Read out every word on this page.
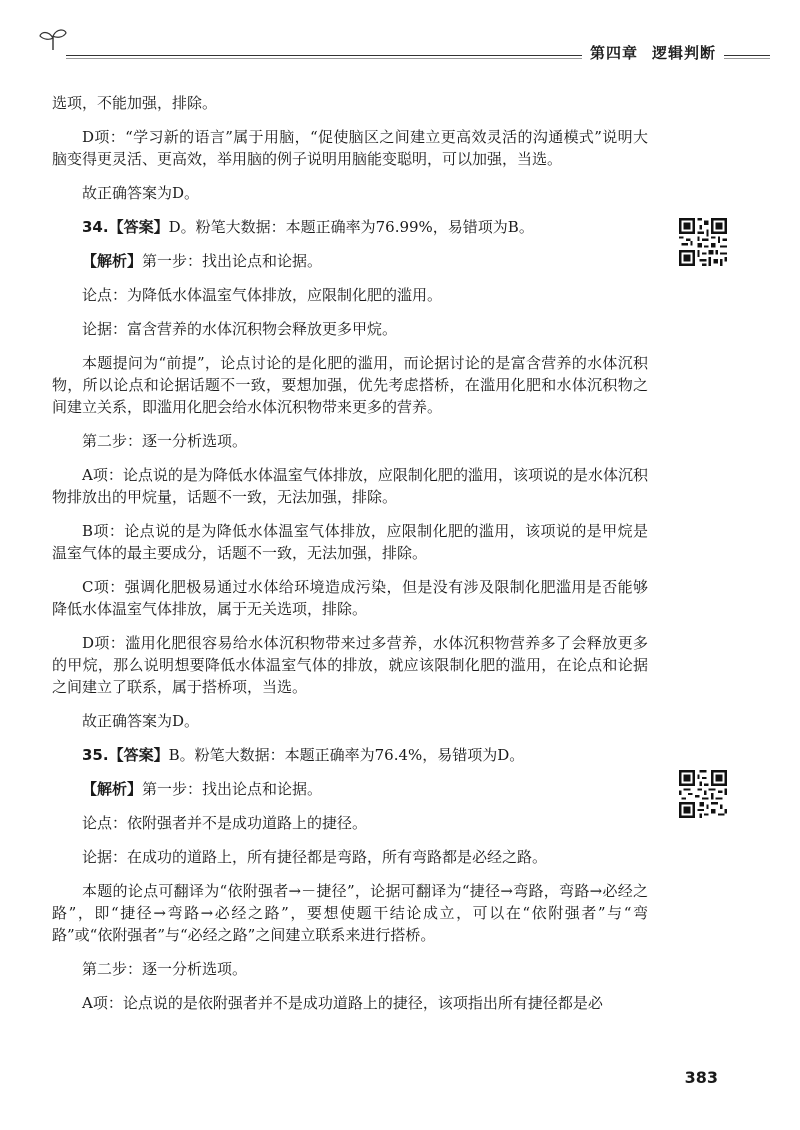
第四章 逻辑判断

选项，不能加强，排除。

D项：“学习新的语言”属于用脑，“促使脑区之间建立更高效灵活的沟通模式”说明大脑变得更灵活、更高效，举用脑的例子说明用脑能变聪明，可以加强，当选。

故正确答案为D。

34.【答案】D。粉笔大数据：本题正确率为76.99%，易错项为B。

【解析】第一步：找出论点和论据。

论点：为降低水体温室气体排放，应限制化肥的滥用。

论据：富含营养的水体沉积物会释放更多甲烷。

本题提问为“前提”，论点讨论的是化肥的滥用，而论据讨论的是富含营养的水体沉积物，所以论点和论据话题不一致，要想加强，优先考虑搭桥，在滥用化肥和水体沉积物之间建立关系，即滥用化肥会给水体沉积物带来更多的营养。

第二步：逐一分析选项。

A项：论点说的是为降低水体温室气体排放，应限制化肥的滥用，该项说的是水体沉积物排放出的甲烷量，话题不一致，无法加强，排除。

B项：论点说的是为降低水体温室气体排放，应限制化肥的滥用，该项说的是甲烷是温室气体的最主要成分，话题不一致，无法加强，排除。

C项：强调化肥极易通过水体给环境造成污染，但是没有涉及限制化肥滥用是否能够降低水体温室气体排放，属于无关选项，排除。

D项：滥用化肥很容易给水体沉积物带来过多营养，水体沉积物营养多了会释放更多的甲烷，那么说明想要降低水体温室气体的排放，就应该限制化肥的滥用，在论点和论据之间建立了联系，属于搭桥项，当选。

故正确答案为D。

35.【答案】B。粉笔大数据：本题正确率为76.4%，易错项为D。

【解析】第一步：找出论点和论据。

论点：依附强者并不是成功道路上的捷径。

论据：在成功的道路上，所有捷径都是弯路，所有弯路都是必经之路。

本题的论点可翻译为“依附强者→－捷径”，论据可翻译为“捷径→弯路，弯路→必经之路”，即“捷径→弯路→必经之路”，要想使题干结论成立，可以在“依附强者”与“弯路”或“依附强者”与“必经之路”之间建立联系来进行搭桥。

第二步：逐一分析选项。

A项：论点说的是依附强者并不是成功道路上的捷径，该项指出所有捷径都是必

383
